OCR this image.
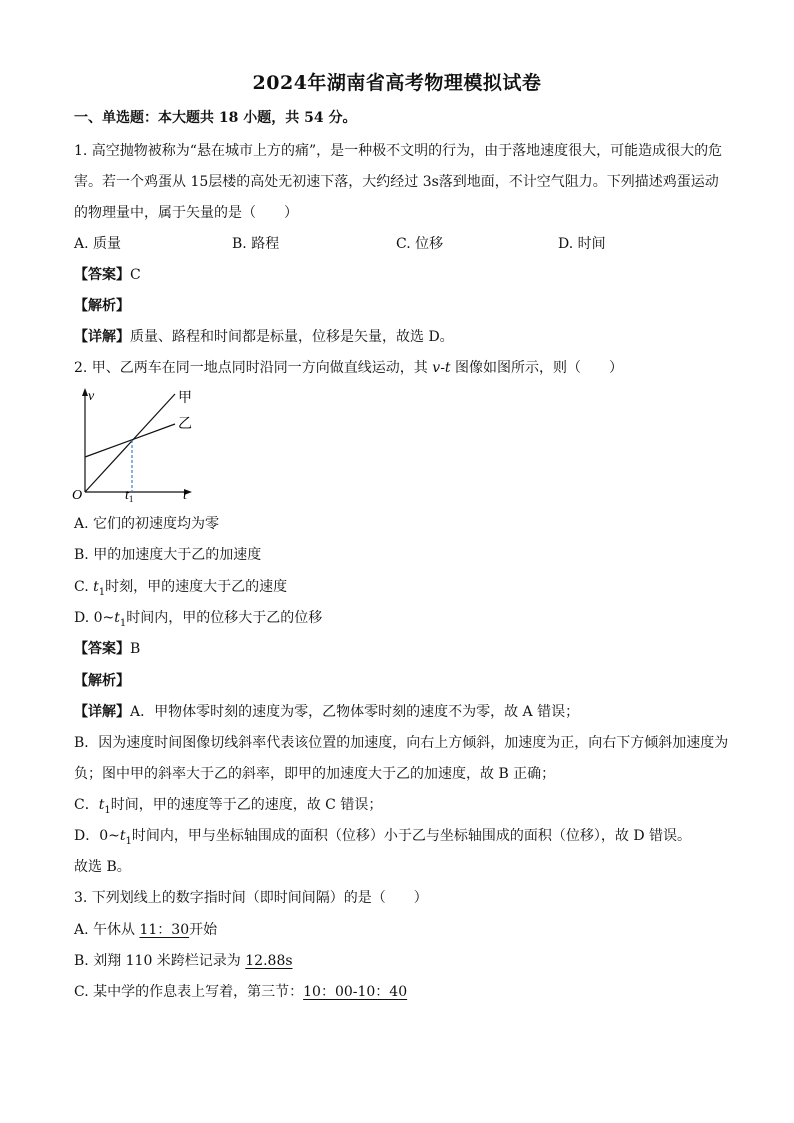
2024年湖南省高考物理模拟试卷
一、单选题：本大题共 18 小题，共 54 分。
1. 高空抛物被称为“悬在城市上方的痛”，是一种极不文明的行为，由于落地速度很大，可能造成很大的危
害。若一个鸡蛋从 15层楼的高处无初速下落，大约经过 3s落到地面，不计空气阻力。下列描述鸡蛋运动
的物理量中，属于矢量的是（　　）
A. 质量	B. 路程	C. 位移	D. 时间
【答案】C
【解析】
【详解】质量、路程和时间都是标量，位移是矢量，故选 D。
2. 甲、乙两车在同一地点同时沿同一方向做直线运动，其 v-t 图像如图所示，则（　　）
v
t
O	$t_1$
甲
乙
A. 它们的初速度均为零
B. 甲的加速度大于乙的加速度
C. $t_1$时刻，甲的速度大于乙的速度
D. $0\sim t_1$时间内，甲的位移大于乙的位移
【答案】B
【解析】
【详解】A．甲物体零时刻的速度为零，乙物体零时刻的速度不为零，故 A 错误；
B．因为速度时间图像切线斜率代表该位置的加速度，向右上方倾斜，加速度为正，向右下方倾斜加速度为
负；图中甲的斜率大于乙的斜率，即甲的加速度大于乙的加速度，故 B 正确；
C．$t_1$时间，甲的速度等于乙的速度，故 C 错误；
D．$0\sim t_1$时间内，甲与坐标轴围成的面积（位移）小于乙与坐标轴围成的面积（位移），故 D 错误。
故选 B。
3. 下列划线上的数字指时间（即时间间隔）的是（　　）
A. 午休从 11：30开始
B. 刘翔 110 米跨栏记录为 12.88s
C. 某中学的作息表上写着，第三节：10：00-10：40
